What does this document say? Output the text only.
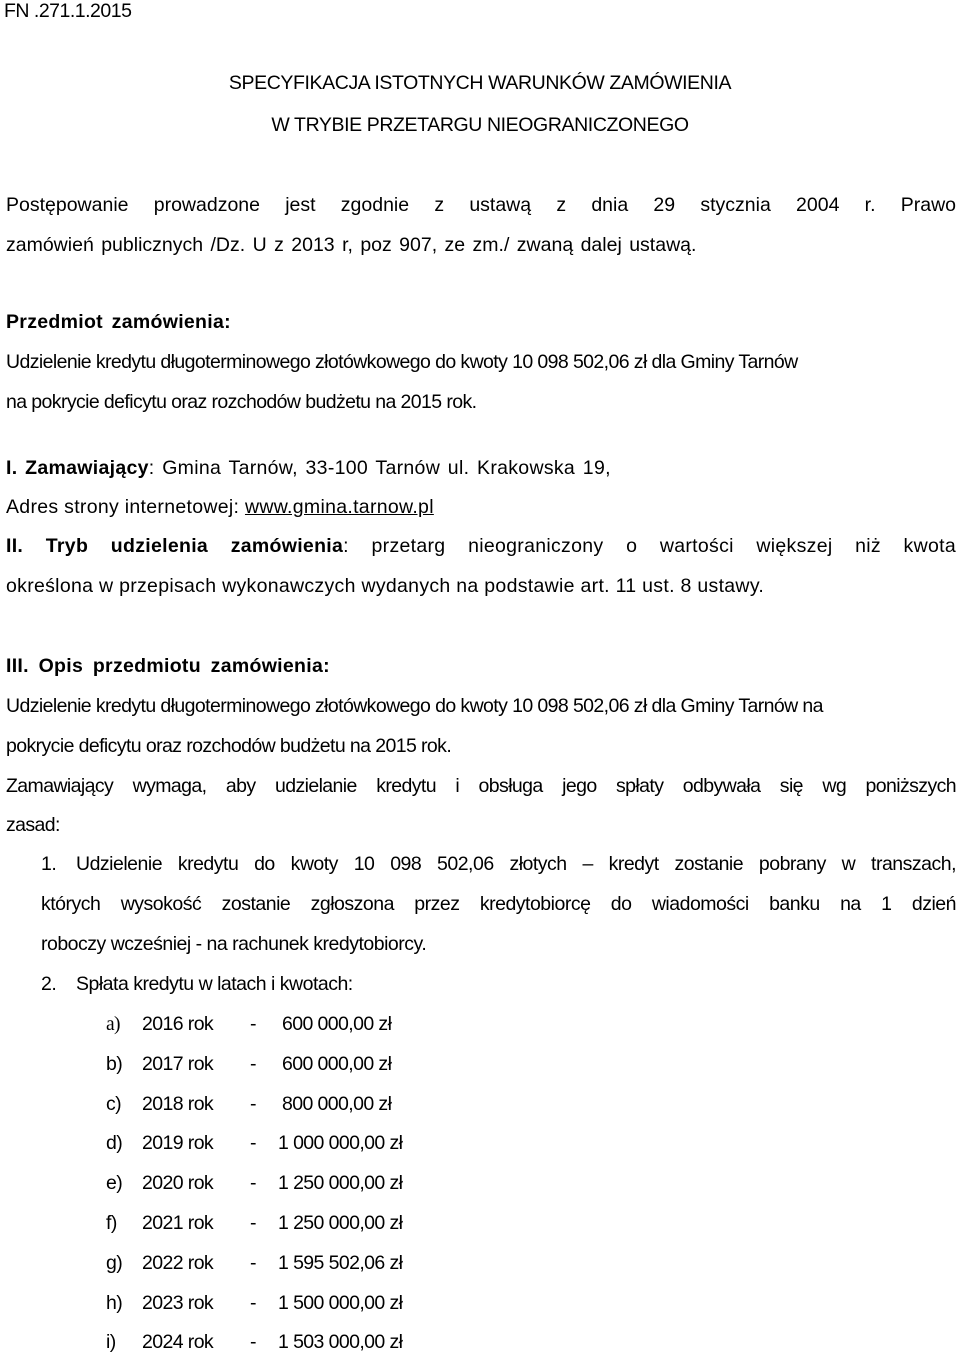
FN .271.1.2015
SPECYFIKACJA ISTOTNYCH WARUNKÓW ZAMÓWIENIA
W TRYBIE PRZETARGU NIEOGRANICZONEGO
Postępowanie prowadzone jest zgodnie z ustawą z dnia 29 stycznia 2004 r. Prawo
zamówień publicznych /Dz. U z 2013 r, poz 907, ze zm./ zwaną dalej ustawą.
Przedmiot zamówienia:
Udzielenie kredytu długoterminowego złotówkowego do kwoty 10 098 502,06 zł dla Gminy Tarnów
na pokrycie deficytu oraz rozchodów budżetu na 2015 rok.
I. Zamawiający: Gmina Tarnów, 33-100 Tarnów ul. Krakowska 19,
Adres strony internetowej: www.gmina.tarnow.pl
II. Tryb udzielenia zamówienia: przetarg nieograniczony o wartości większej niż kwota
określona w przepisach wykonawczych wydanych na podstawie art. 11 ust. 8 ustawy.
III. Opis przedmiotu zamówienia:
Udzielenie kredytu długoterminowego złotówkowego do kwoty 10 098 502,06 zł dla Gminy Tarnów na
pokrycie deficytu oraz rozchodów budżetu na 2015 rok.
Zamawiający wymaga, aby udzielanie kredytu i obsługa jego spłaty odbywała się wg poniższych
zasad:
1. Udzielenie kredytu do kwoty 10 098 502,06 złotych – kredyt zostanie pobrany w transzach,
których wysokość zostanie zgłoszona przez kredytobiorcę do wiadomości banku na 1 dzień
roboczy wcześniej - na rachunek kredytobiorcy.
2. Spłata kredytu w latach i kwotach:
a) 2016 rok - 600 000,00 zł
b) 2017 rok - 600 000,00 zł
c) 2018 rok - 800 000,00 zł
d) 2019 rok - 1 000 000,00 zł
e) 2020 rok - 1 250 000,00 zł
f) 2021 rok - 1 250 000,00 zł
g) 2022 rok - 1 595 502,06 zł
h) 2023 rok - 1 500 000,00 zł
i) 2024 rok - 1 503 000,00 zł
